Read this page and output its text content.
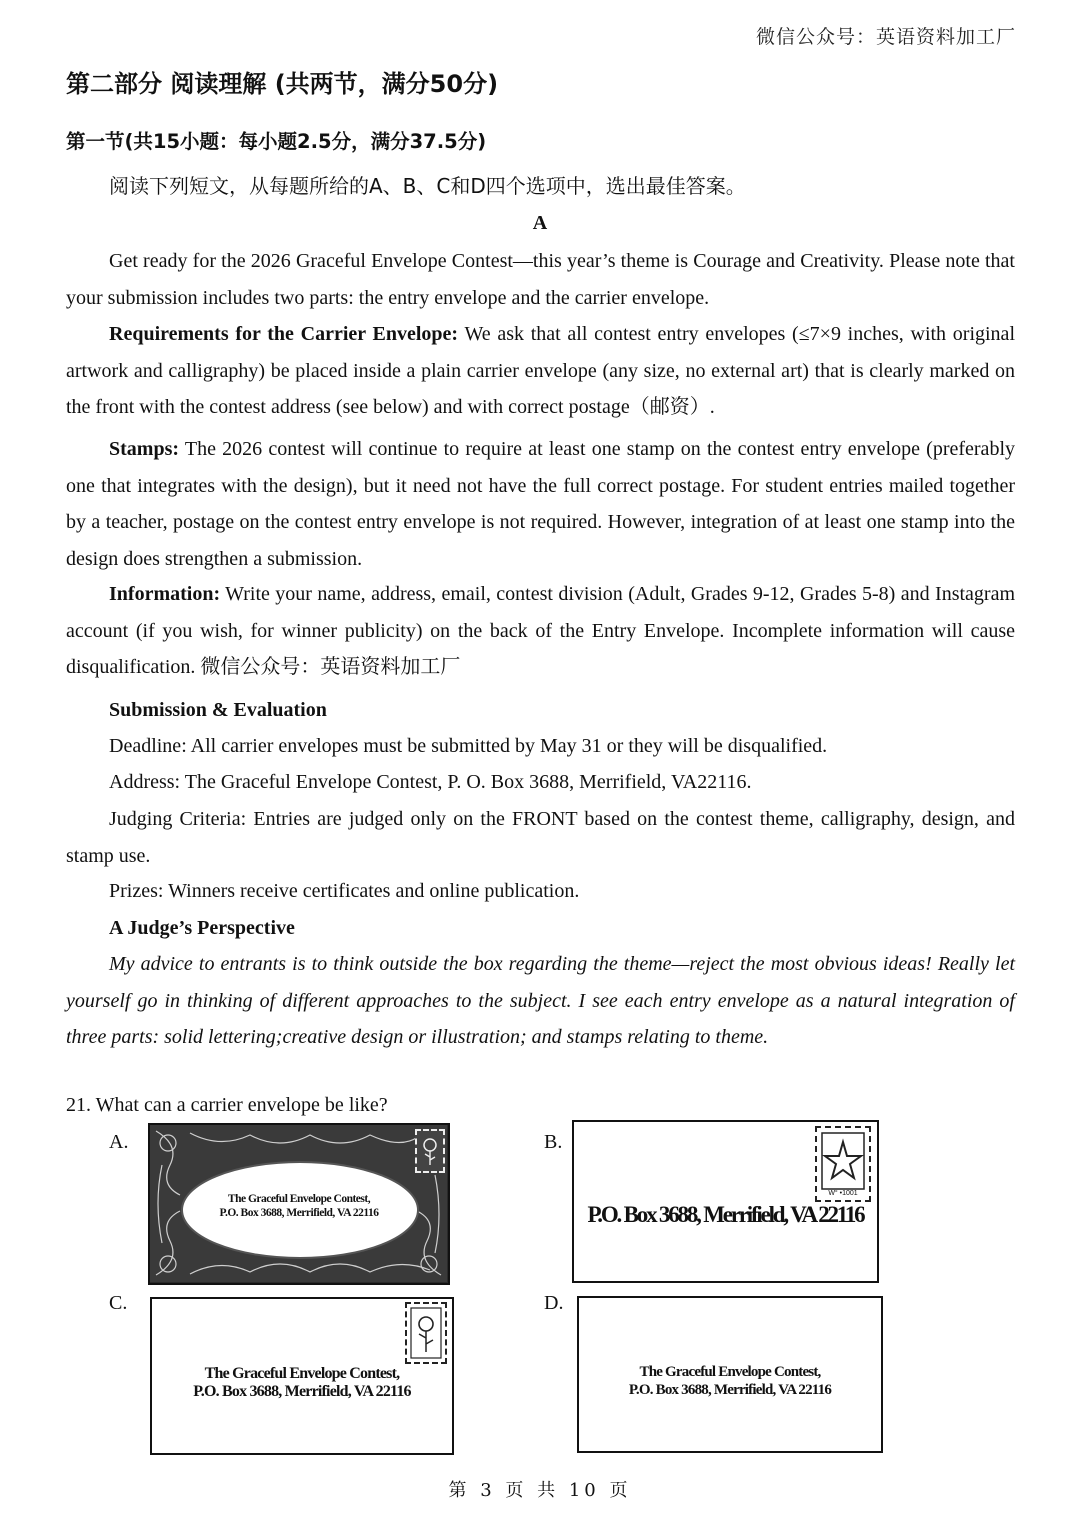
微信公众号：英语资料加工厂
第二部分 阅读理解 (共两节，满分50分)
第一节(共15小题：每小题2.5分，满分37.5分)
阅读下列短文，从每题所给的A、B、C和D四个选项中，选出最佳答案。
A
Get ready for the 2026 Graceful Envelope Contest—this year’s theme is Courage and Creativity. Please note that your submission includes two parts: the entry envelope and the carrier envelope.
Requirements for the Carrier Envelope: We ask that all contest entry envelopes (≤7×9 inches, with original artwork and calligraphy) be placed inside a plain carrier envelope (any size, no external art) that is clearly marked on the front with the contest address (see below) and with correct postage（邮资）.
Stamps: The 2026 contest will continue to require at least one stamp on the contest entry envelope (preferably one that integrates with the design), but it need not have the full correct postage. For student entries mailed together by a teacher, postage on the contest entry envelope is not required. However, integration of at least one stamp into the design does strengthen a submission.
Information: Write your name, address, email, contest division (Adult, Grades 9-12, Grades 5-8) and Instagram account (if you wish, for winner publicity) on the back of the Entry Envelope. Incomplete information will cause disqualification. 微信公众号：英语资料加工厂
Submission & Evaluation
Deadline: All carrier envelopes must be submitted by May 31 or they will be disqualified.
Address: The Graceful Envelope Contest, P. O. Box 3688, Merrifield, VA22116.
Judging Criteria: Entries are judged only on the FRONT based on the contest theme, calligraphy, design, and stamp use.
Prizes: Winners receive certificates and online publication.
A Judge’s Perspective
My advice to entrants is to think outside the box regarding the theme—reject the most obvious ideas! Really let yourself go in thinking of different approaches to the subject. I see each entry envelope as a natural integration of three parts: solid lettering;creative design or illustration; and stamps relating to theme.
21. What can a carrier envelope be like?
A.
The Graceful Envelope Contest,
P.O. Box 3688, Merrifield, VA 22116
B.
W° •1001
P.O. Box 3688, Merrifield, VA 22116
C.
The Graceful Envelope Contest,
P.O. Box 3688, Merrifield, VA 22116
D.
The Graceful Envelope Contest,
P.O. Box 3688, Merrifield, VA 22116
第 3 页 共 10 页
